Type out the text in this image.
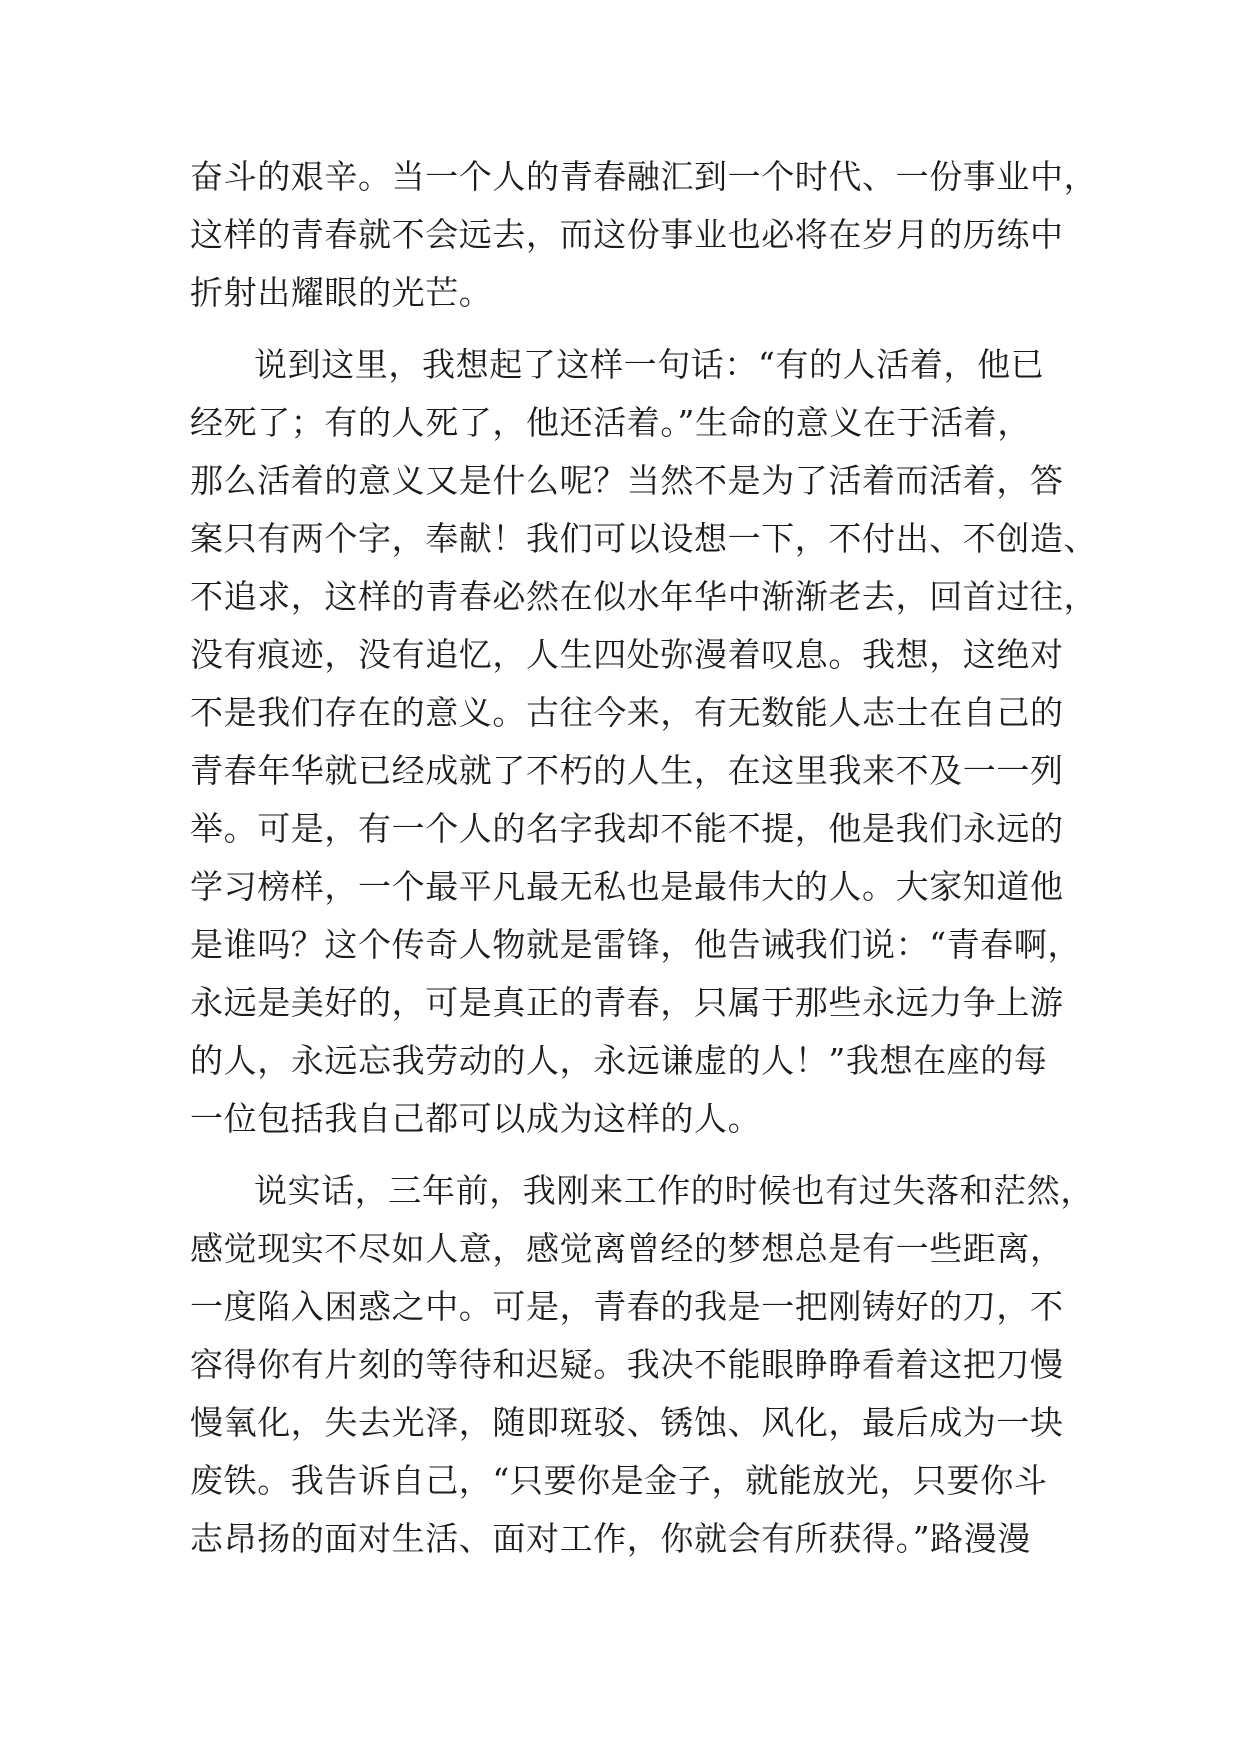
奋斗的艰辛。当一个人的青春融汇到一个时代、一份事业中，
这样的青春就不会远去，而这份事业也必将在岁月的历练中
折射出耀眼的光芒。
说到这里，我想起了这样一句话：“有的人活着，他已
经死了；有的人死了，他还活着。”生命的意义在于活着，
那么活着的意义又是什么呢？当然不是为了活着而活着，答
案只有两个字，奉献！我们可以设想一下，不付出、不创造、
不追求，这样的青春必然在似水年华中渐渐老去，回首过往，
没有痕迹，没有追忆，人生四处弥漫着叹息。我想，这绝对
不是我们存在的意义。古往今来，有无数能人志士在自己的
青春年华就已经成就了不朽的人生，在这里我来不及一一列
举。可是，有一个人的名字我却不能不提，他是我们永远的
学习榜样，一个最平凡最无私也是最伟大的人。大家知道他
是谁吗？这个传奇人物就是雷锋，他告诫我们说：“青春啊，
永远是美好的，可是真正的青春，只属于那些永远力争上游
的人，永远忘我劳动的人，永远谦虚的人！”我想在座的每
一位包括我自己都可以成为这样的人。
说实话，三年前，我刚来工作的时候也有过失落和茫然，
感觉现实不尽如人意，感觉离曾经的梦想总是有一些距离，
一度陷入困惑之中。可是，青春的我是一把刚铸好的刀，不
容得你有片刻的等待和迟疑。我决不能眼睁睁看着这把刀慢
慢氧化，失去光泽，随即斑驳、锈蚀、风化，最后成为一块
废铁。我告诉自己，“只要你是金子，就能放光，只要你斗
志昂扬的面对生活、面对工作，你就会有所获得。”路漫漫
